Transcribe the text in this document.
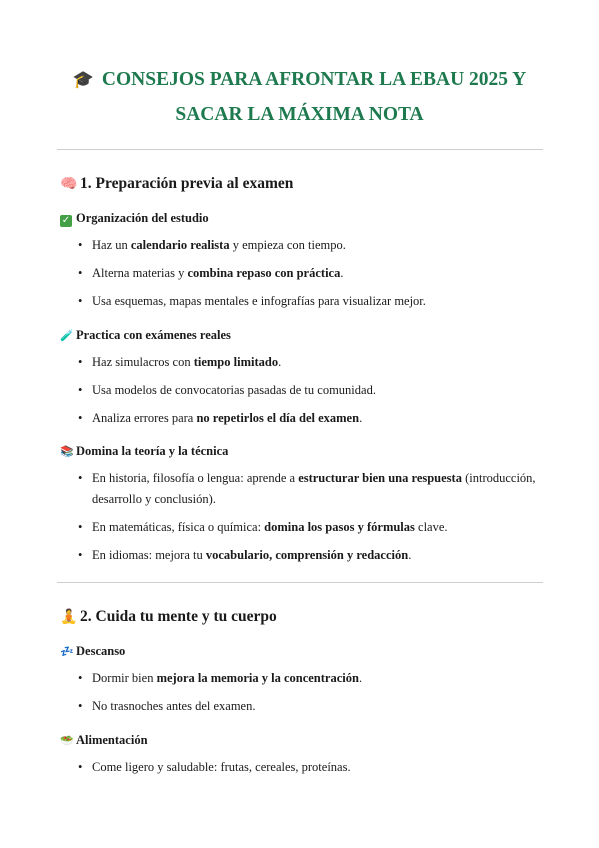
🎓 CONSEJOS PARA AFRONTAR LA EBAU 2025 Y SACAR LA MÁXIMA NOTA
🧠 1. Preparación previa al examen
✓ Organización del estudio
• Haz un calendario realista y empieza con tiempo.
• Alterna materias y combina repaso con práctica.
• Usa esquemas, mapas mentales e infografías para visualizar mejor.
🧪 Practica con exámenes reales
• Haz simulacros con tiempo limitado.
• Usa modelos de convocatorias pasadas de tu comunidad.
• Analiza errores para no repetirlos el día del examen.
📚 Domina la teoría y la técnica
• En historia, filosofía o lengua: aprende a estructurar bien una respuesta (introducción, desarrollo y conclusión).
• En matemáticas, física o química: domina los pasos y fórmulas clave.
• En idiomas: mejora tu vocabulario, comprensión y redacción.
🧘 2. Cuida tu mente y tu cuerpo
💤 Descanso
• Dormir bien mejora la memoria y la concentración.
• No trasnoches antes del examen.
🥗 Alimentación
• Come ligero y saludable: frutas, cereales, proteínas.
